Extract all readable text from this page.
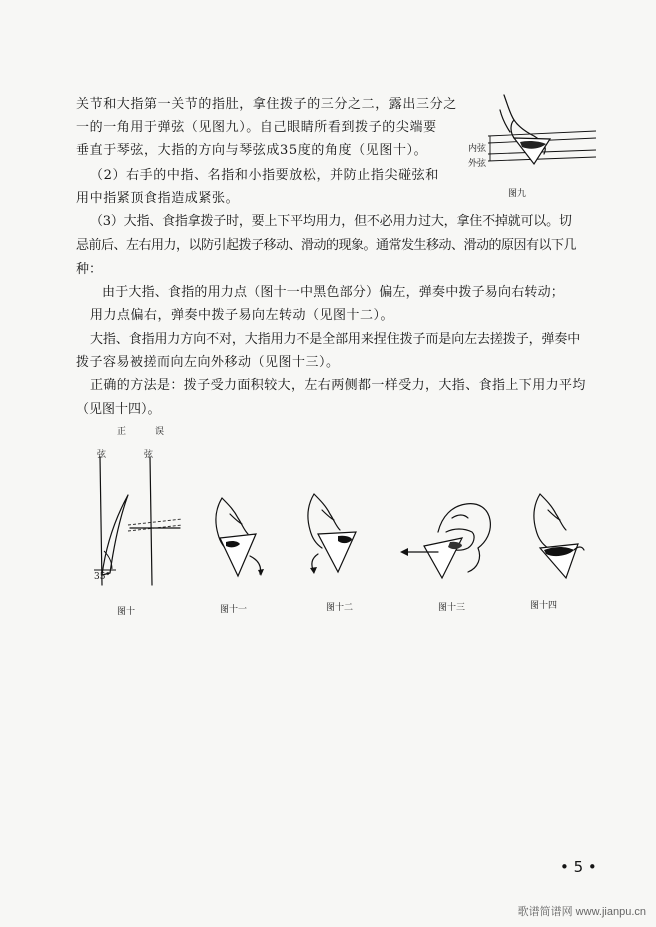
关节和大指第一关节的指肚，拿住拨子的三分之二，露出三分之
一的一角用于弹弦（见图九）。自己眼睛所看到拨子的尖端要
垂直于琴弦，大指的方向与琴弦成35度的角度（见图十）。
（2）右手的中指、名指和小指要放松，并防止指尖碰弦和
用中指紧顶食指造成紧张。
（3）大指、食指拿拨子时，要上下平均用力，但不必用力过大，拿住不掉就可以。切
忌前后、左右用力，以防引起拨子移动、滑动的现象。通常发生移动、滑动的原因有以下几
种：
由于大指、食指的用力点（图十一中黑色部分）偏左，弹奏中拨子易向右转动；
用力点偏右，弹奏中拨子易向左转动（见图十二）。
大指、食指用力方向不对，大指用力不是全部用来捏住拨子而是向左去搓拨子，弹奏中
拨子容易被搓而向左向外移动（见图十三）。
正确的方法是：拨子受力面积较大，左右两侧都一样受力，大指、食指上下用力平均
（见图十四）。
内弦
外弦
图九
正	误
弦	弦
35°
图十	图十一	图十二	图十三	图十四
• 5 •
歌谱简谱网 www.jianpu.cn
